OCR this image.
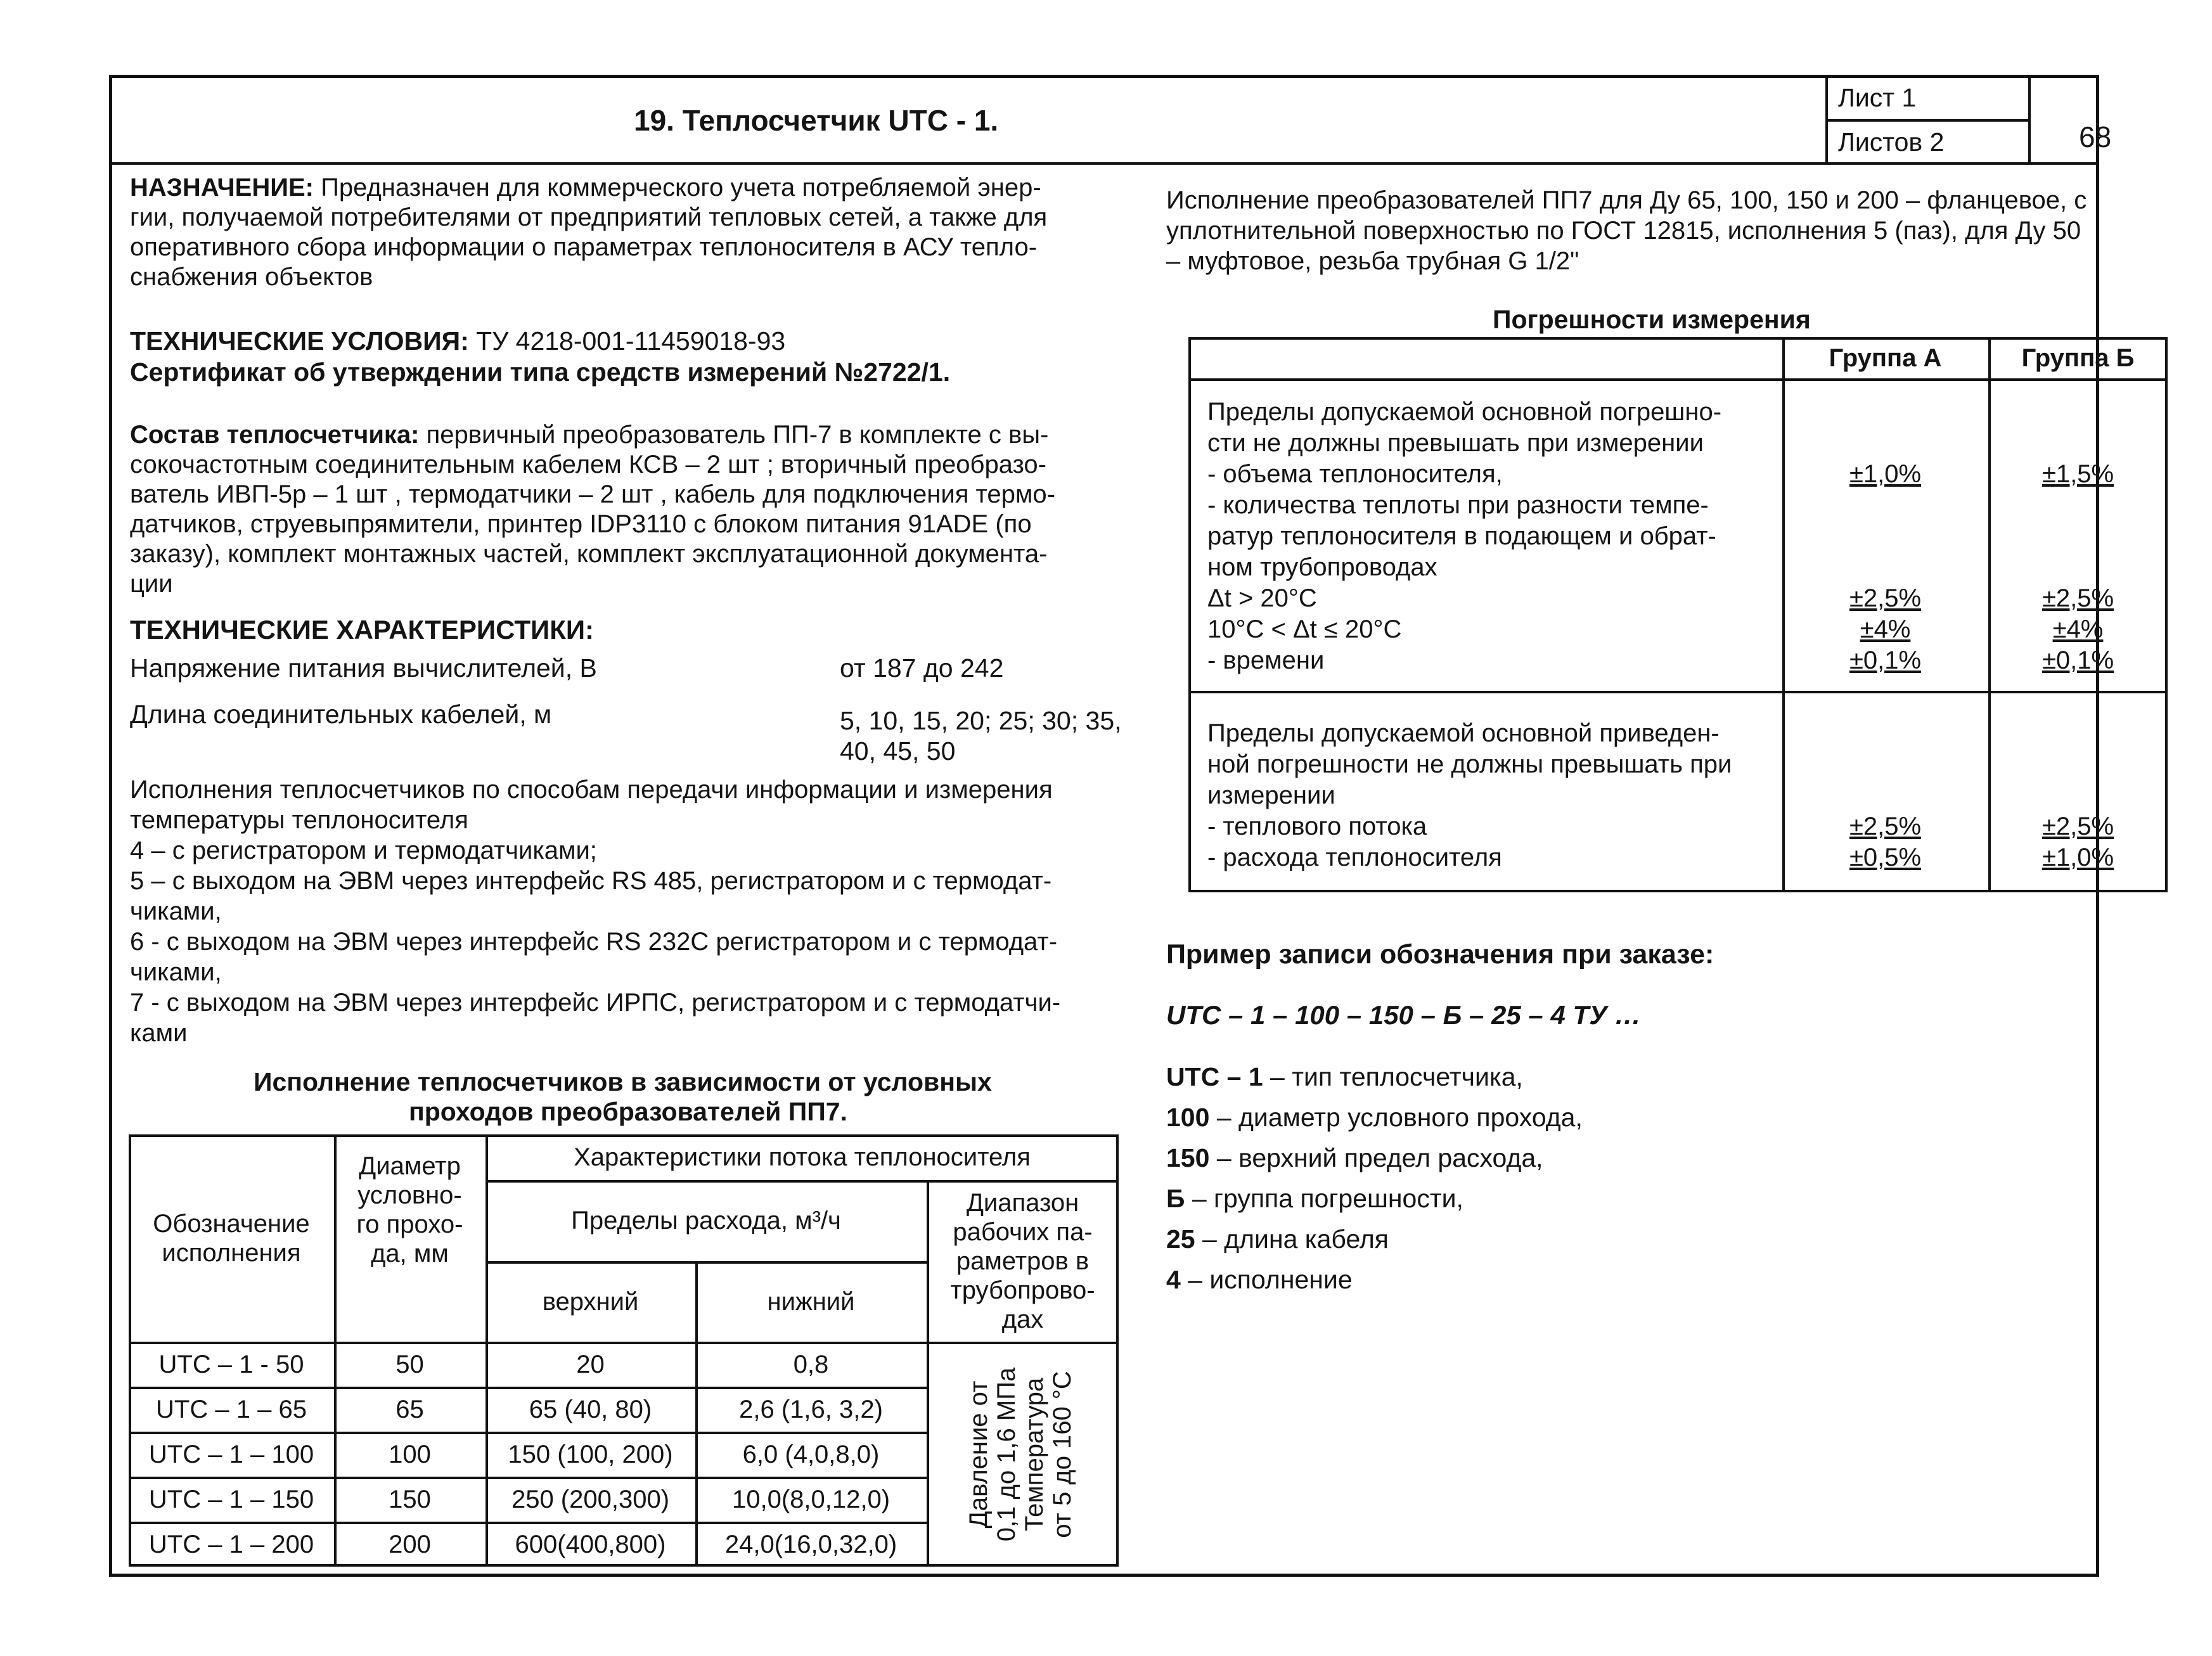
19. Теплосчетчик UTC - 1.
Лист 1
Листов 2	68
НАЗНАЧЕНИЕ: Предназначен для коммерческого учета потребляемой энер-
гии, получаемой потребителями от предприятий тепловых сетей, а также для
оперативного сбора информации о параметрах теплоносителя в АСУ тепло-
снабжения объектов
ТЕХНИЧЕСКИЕ УСЛОВИЯ: ТУ 4218-001-11459018-93
Сертификат об утверждении типа средств измерений №2722/1.
Состав теплосчетчика: первичный преобразователь ПП-7 в комплекте с вы-
сокочастотным соединительным кабелем КСВ – 2 шт ; вторичный преобразо-
ватель ИВП-5р – 1 шт , термодатчики – 2 шт , кабель для подключения термо-
датчиков, струевыпрямители, принтер IDP3110 с блоком питания 91ADE (по
заказу), комплект монтажных частей, комплект эксплуатационной документа-
ции
ТЕХНИЧЕСКИЕ ХАРАКТЕРИСТИКИ:
Напряжение питания вычислителей, В	от 187 до 242
Длина соединительных кабелей, м	5, 10, 15, 20; 25; 30; 35,
40, 45, 50
Исполнения теплосчетчиков по способам передачи информации и измерения
температуры теплоносителя
4 – с регистратором и термодатчиками;
5 – с выходом на ЭВМ через интерфейс RS 485, регистратором и с термодат-
чиками,
6 - с выходом на ЭВМ через интерфейс RS 232C регистратором и с термодат-
чиками,
7 - с выходом на ЭВМ через интерфейс ИРПС, регистратором и с термодатчи-
ками
Исполнение теплосчетчиков в зависимости от условных
проходов преобразователей ПП7.
Обозначение
исполнения
Диаметр
условно-
го прохо-
да, мм
Характеристики потока теплоносителя
Пределы расхода, м³/ч
Диапазон
рабочих па-
раметров в
трубопрово-
дах
верхний	нижний
UTC – 1 - 50	50	20	0,8
UTC – 1 – 65	65	65 (40, 80)	2,6 (1,6, 3,2)
UTC – 1 – 100	100	150 (100, 200)	6,0 (4,0,8,0)
UTC – 1 – 150	150	250 (200,300)	10,0(8,0,12,0)
UTC – 1 – 200	200	600(400,800)	24,0(16,0,32,0)
Давление от 0,1 до 1,6 МПа Температура от 5 до 160 °С
Исполнение преобразователей ПП7 для Ду 65, 100, 150 и 200 – фланцевое, с
уплотнительной поверхностью по ГОСТ 12815, исполнения 5 (паз), для Ду 50
– муфтовое, резьба трубная G 1/2"
Погрешности измерения
Группа А	Группа Б
Пределы допускаемой основной погрешно-
сти не должны превышать при измерении
- объема теплоносителя,	±1,0%	±1,5%
- количества теплоты при разности темпе-
ратур теплоносителя в подающем и обрат-
ном трубопроводах
Δt > 20°С	±2,5%	±2,5%
10°С < Δt ≤ 20°С	±4%	±4%
- времени	±0,1%	±0,1%
Пределы допускаемой основной приведен-
ной погрешности не должны превышать при
измерении
- теплового потока	±2,5%	±2,5%
- расхода теплоносителя	±0,5%	±1,0%
Пример записи обозначения при заказе:
UTC – 1 – 100 – 150 – Б – 25 – 4 ТУ …
UTC – 1 – тип теплосчетчика,
100 – диаметр условного прохода,
150 – верхний предел расхода,
Б – группа погрешности,
25 – длина кабеля
4 – исполнение
